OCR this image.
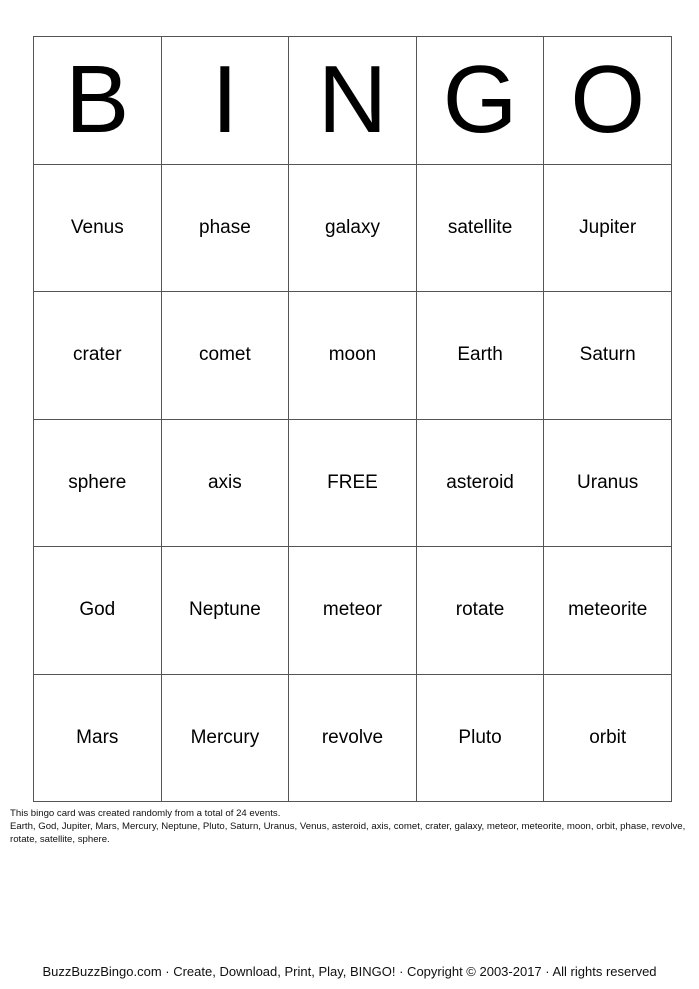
B	I	N	G	O
Venus	phase	galaxy	satellite	Jupiter
crater	comet	moon	Earth	Saturn
sphere	axis	FREE	asteroid	Uranus
God	Neptune	meteor	rotate	meteorite
Mars	Mercury	revolve	Pluto	orbit
This bingo card was created randomly from a total of 24 events.
Earth, God, Jupiter, Mars, Mercury, Neptune, Pluto, Saturn, Uranus, Venus, asteroid, axis, comet, crater, galaxy, meteor, meteorite, moon, orbit, phase, revolve, rotate, satellite, sphere.
BuzzBuzzBingo.com · Create, Download, Print, Play, BINGO! · Copyright © 2003-2017 · All rights reserved
